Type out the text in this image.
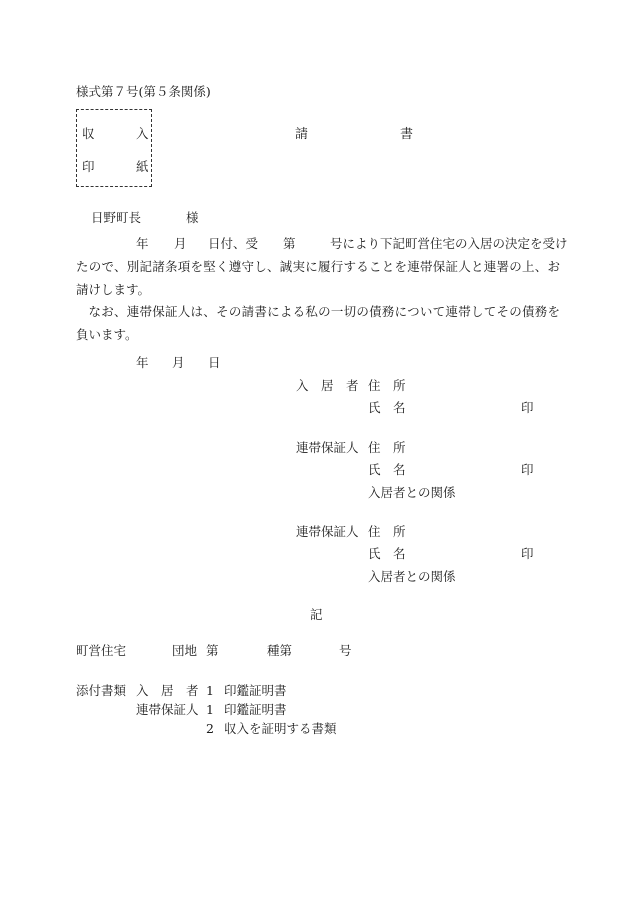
様式第７号(第５条関係)
収	入
印	紙
請	書
日野町長	様
年 月 日付、受 第	号により下記町営住宅の入居の決定を受け
たので、別記諸条項を堅く遵守し、誠実に履行することを連帯保証人と連署の上、お請けします。
なお、連帯保証人は、その請書による私の一切の債務について連帯してその債務を負います。
年 月 日
入　居　者 住　所
氏　名	印
連帯保証人 住　所
氏　名	印
入居者との関係
連帯保証人 住　所
氏　名	印
入居者との関係
記
町営住宅	団地 第	種第	号
添付書類 入　居　者 1 印鑑証明書
連帯保証人 1 印鑑証明書
2 収入を証明する書類
